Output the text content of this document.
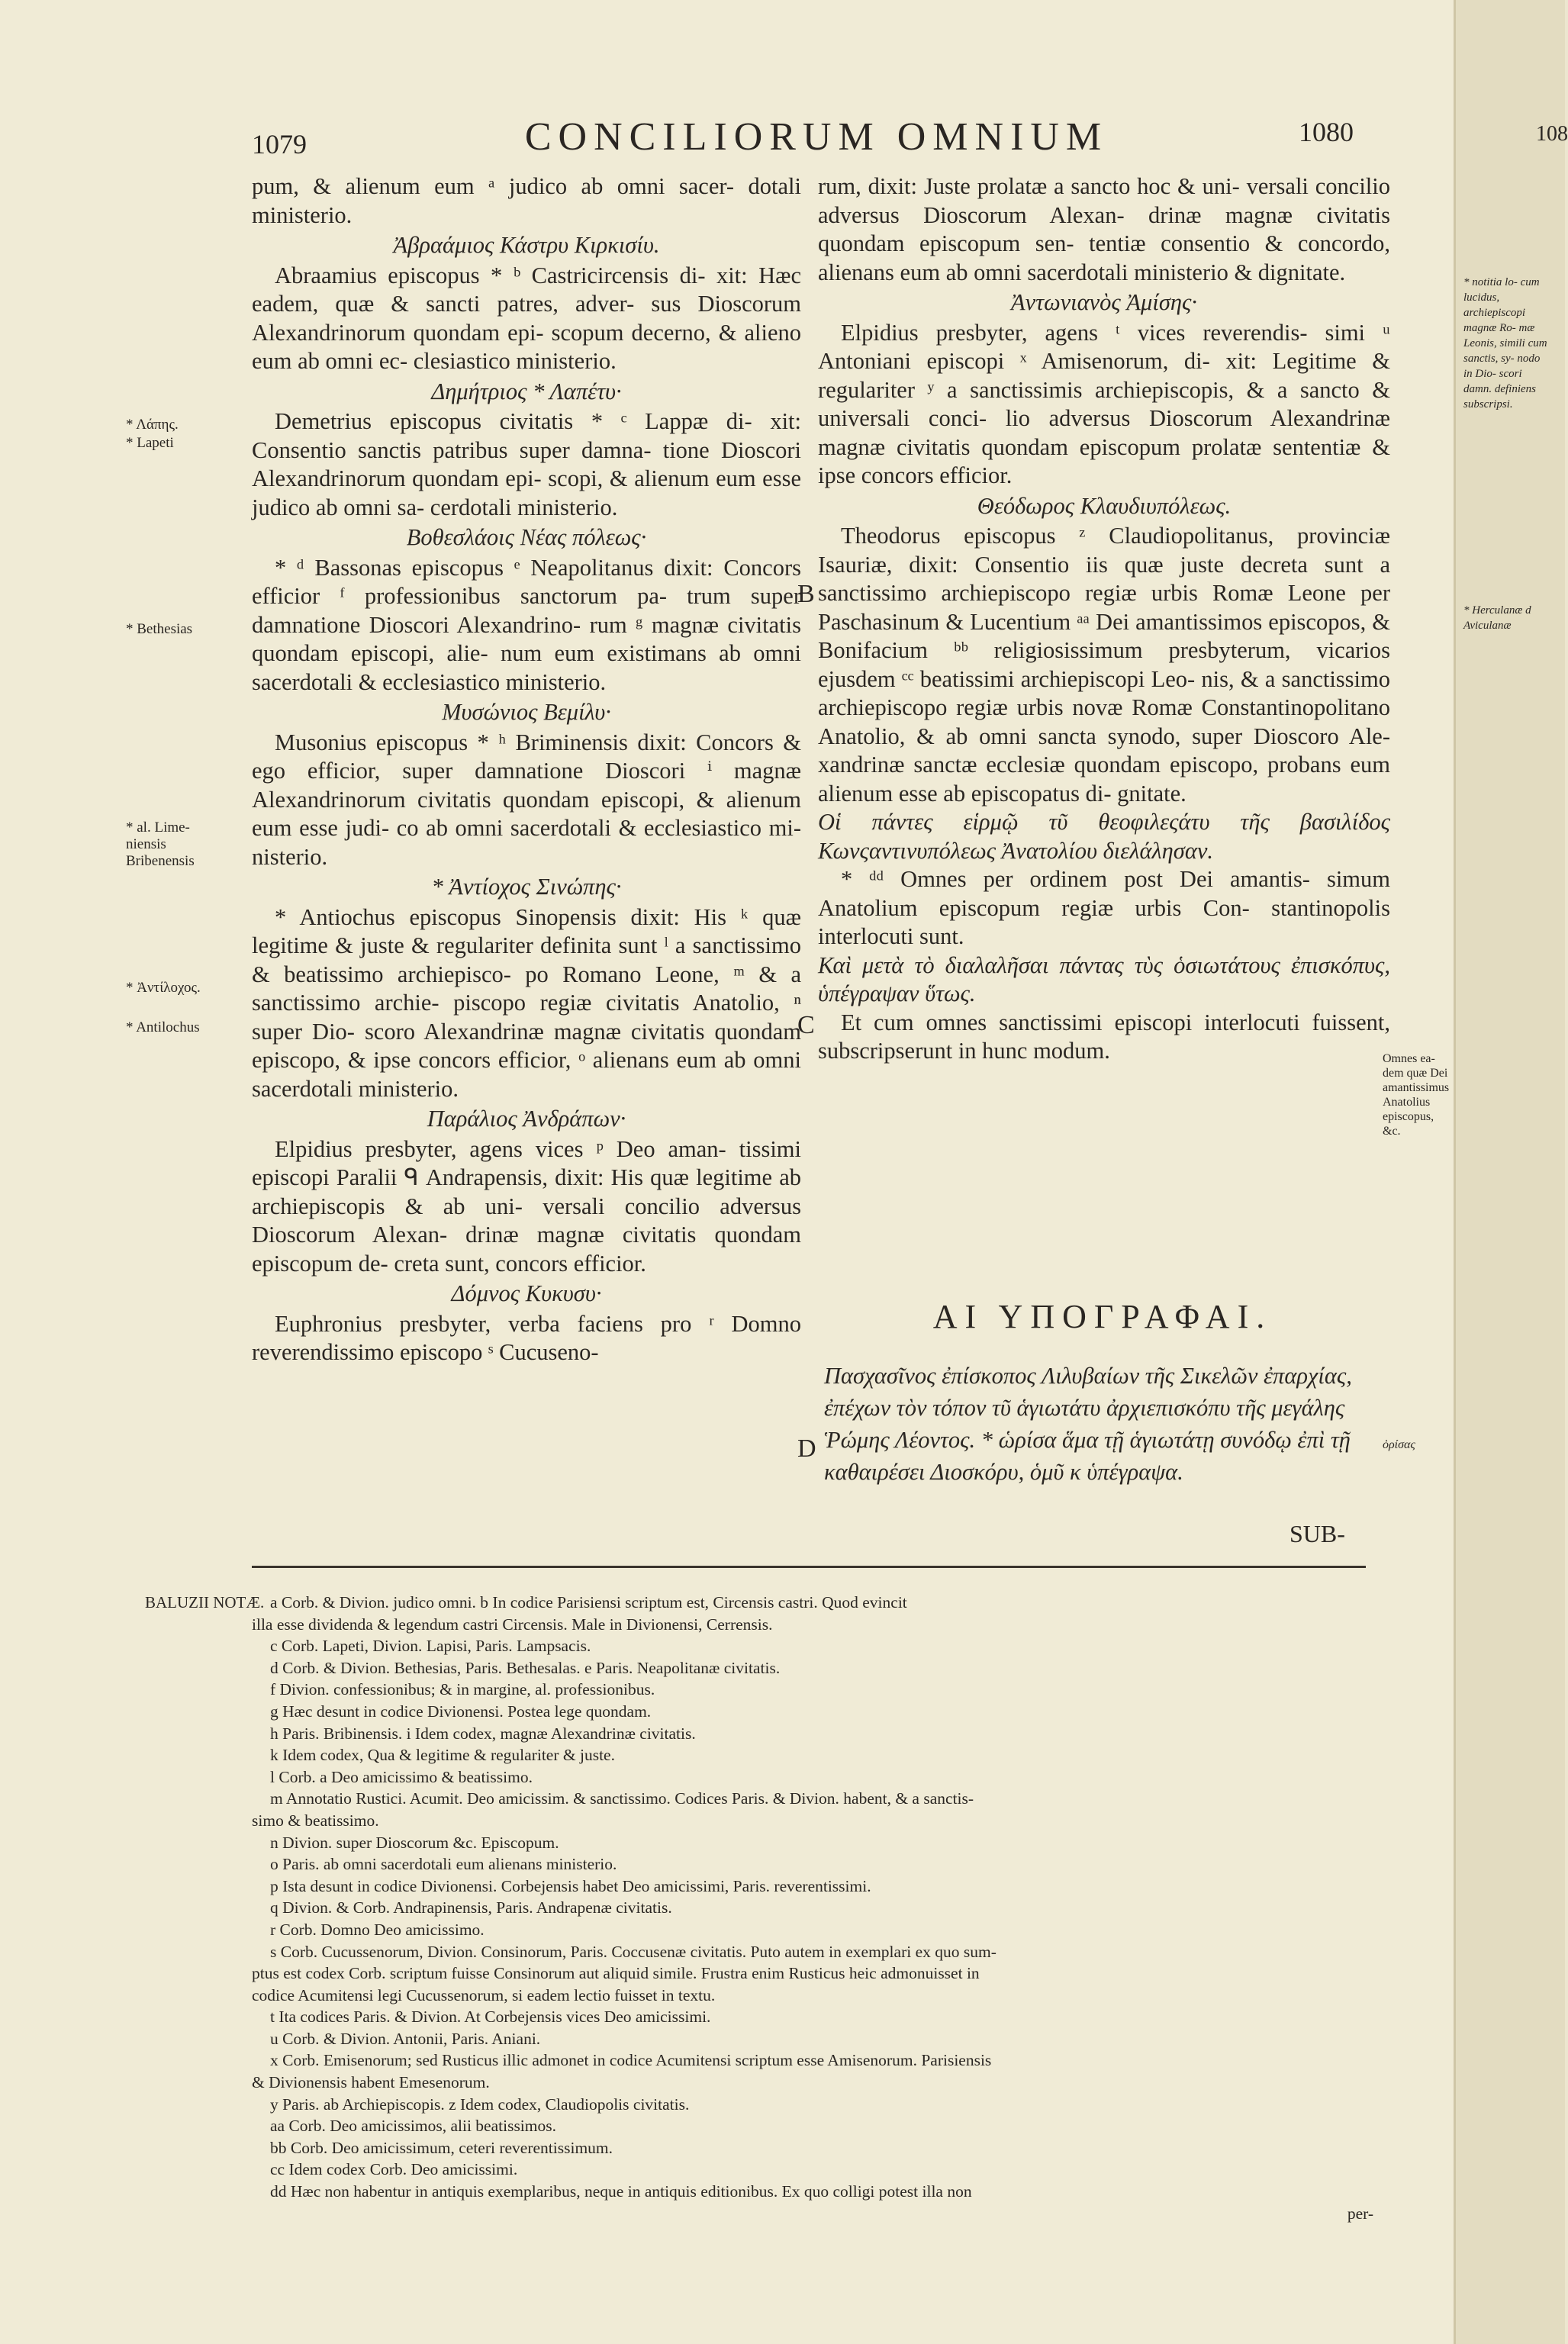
1079	CONCILIORUM OMNIUM	1080

pum, & alienum eum ᵃ judico ab omni sacer- dotali ministerio.

Ἀβραάμιος Κάστρυ Κιρκισίυ.

Abraamius episcopus * ᵇ Castricircensis di- xit: Hæc eadem, quæ & sancti patres, adver- sus Dioscorum Alexandrinorum quondam epi- scopum decerno, & alieno eum ab omni ec- clesiastico ministerio.

Δημήτριος * Λαπέτυ·

Demetrius episcopus civitatis * ᶜ Lappæ di- xit: Consentio sanctis patribus super damna- tione Dioscori Alexandrinorum quondam epi- scopi, & alienum eum esse judico ab omni sa- cerdotali ministerio.

Βοθεσλάοις Νέας πόλεως·

* ᵈ Bassonas episcopus ᵉ Neapolitanus dixit: Concors efficior ᶠ professionibus sanctorum pa- trum super damnatione Dioscori Alexandrino- rum ᵍ magnæ civitatis quondam episcopi, alie- num eum existimans ab omni sacerdotali & ecclesiastico ministerio.

Μυσώνιος Βεμίλυ·

Musonius episcopus * ʰ Briminensis dixit: Concors & ego efficior, super damnatione Dioscori ⁱ magnæ Alexandrinorum civitatis quondam episcopi, & alienum eum esse judi- co ab omni sacerdotali & ecclesiastico mi- nisterio.

* Ἀντίοχος Σινώπης·

* Antiochus episcopus Sinopensis dixit: His ᵏ quæ legitime & juste & regulariter definita sunt ˡ a sanctissimo & beatissimo archiepisco- po Romano Leone, ᵐ & a sanctissimo archie- piscopo regiæ civitatis Anatolio, ⁿ super Dio- scoro Alexandrinæ magnæ civitatis quondam episcopo, & ipse concors efficior, ᵒ alienans eum ab omni sacerdotali ministerio.

Παράλιος Ἀνδράπων·

Elpidius presbyter, agens vices ᵖ Deo aman- tissimi episcopi Paralii ᑫ Andrapensis, dixit: His quæ legitime ab archiepiscopis & ab uni- versali concilio adversus Dioscorum Alexan- drinæ magnæ civitatis quondam episcopum de- creta sunt, concors efficior.

Δόμνος Κυκυσυ·

Euphronius presbyter, verba faciens pro ʳ Domno reverendissimo episcopo ˢ Cucuseno-

rum, dixit: Juste prolatæ a sancto hoc & uni- versali concilio adversus Dioscorum Alexan- drinæ magnæ civitatis quondam episcopum sen- tentiæ consentio & concordo, alienans eum ab omni sacerdotali ministerio & dignitate.

Ἀντωνιανὸς Ἀμίσης·

Elpidius presbyter, agens ᵗ vices reverendis- simi ᵘ Antoniani episcopi ˣ Amisenorum, di- xit: Legitime & regulariter ʸ a sanctissimis archiepiscopis, & a sancto & universali conci- lio adversus Dioscorum Alexandrinæ magnæ civitatis quondam episcopum prolatæ sententiæ & ipse concors efficior.

Θεόδωρος Κλαυδιυπόλεως.

Theodorus episcopus ᶻ Claudiopolitanus, provinciæ Isauriæ, dixit: Consentio iis quæ juste decreta sunt a sanctissimo archiepiscopo regiæ urbis Romæ Leone per Paschasinum & Lucentium ᵃᵃ Dei amantissimos episcopos, & Bonifacium ᵇᵇ religiosissimum presbyterum, vicarios ejusdem ᶜᶜ beatissimi archiepiscopi Leo- nis, & a sanctissimo archiepiscopo regiæ urbis novæ Romæ Constantinopolitano Anatolio, & ab omni sancta synodo, super Dioscoro Ale- xandrinæ sanctæ ecclesiæ quondam episcopo, probans eum alienum esse ab episcopatus di- gnitate.

Οἱ πάντες εἱρμῷ τῦ θεοφιλεςάτυ τῆς βασιλίδος Κωνςαντινυπόλεως Ἀνατολίου διελάλησαν.

* ᵈᵈ Omnes per ordinem post Dei amantis- simum Anatolium episcopum regiæ urbis Con- stantinopolis interlocuti sunt.

Καὶ μετὰ τὸ διαλαλῆσαι πάντας τὺς ὁσιωτάτους ἐπισκόπυς, ὑπέγραψαν ὕτως.

Et cum omnes sanctissimi episcopi interlocuti fuissent, subscripserunt in hunc modum.

ΑΙ ΥΠΟΓΡΑΦΑΙ.
Πασχασῖνος ἐπίσκοπος Λιλυβαίων τῆς Σικελῶν ἐπαρχίας, ἐπέχων τὸν τόπον τῦ ἁγιωτάτυ ἀρχιεπισκόπυ τῆς μεγάλης Ῥώμης Λέοντος. * ὡρίσα ἅμα τῇ ἁγιωτάτῃ συνόδῳ ἐπὶ τῇ καθαιρέσει Διοσκόρυ, ὁμῦ κ ὑπέγραψα.
SUB-
B
C
D
* Λάπης.
* Lapeti
* Bethesias
* al. Lime- niensis Bribenensis
* Ἀντίλοχος.
* Antilochus
Omnes ea- dem quæ Dei amantissimus Anatolius episcopus, &c.
ὁρίσας
BALUZII NOTÆ. a Corb. & Divion. judico omni. b In codice Parisiensi scriptum est, Circensis castri. Quod evincit

illa esse dividenda & legendum castri Circensis. Male in Divionensi, Cerrensis.

c Corb. Lapeti, Divion. Lapisi, Paris. Lampsacis.

d Corb. & Divion. Bethesias, Paris. Bethesalas. e Paris. Neapolitanæ civitatis.

f Divion. confessionibus; & in margine, al. professionibus.

g Hæc desunt in codice Divionensi. Postea lege quondam.

h Paris. Bribinensis. i Idem codex, magnæ Alexandrinæ civitatis.

k Idem codex, Qua & legitime & regulariter & juste.

l Corb. a Deo amicissimo & beatissimo.

m Annotatio Rustici. Acumit. Deo amicissim. & sanctissimo. Codices Paris. & Divion. habent, & a sanctis-

simo & beatissimo.

n Divion. super Dioscorum &c. Episcopum.

o Paris. ab omni sacerdotali eum alienans ministerio.

p Ista desunt in codice Divionensi. Corbejensis habet Deo amicissimi, Paris. reverentissimi.

q Divion. & Corb. Andrapinensis, Paris. Andrapenæ civitatis.

r Corb. Domno Deo amicissimo.

s Corb. Cucussenorum, Divion. Consinorum, Paris. Coccusenæ civitatis. Puto autem in exemplari ex quo sum-

ptus est codex Corb. scriptum fuisse Consinorum aut aliquid simile. Frustra enim Rusticus heic admonuisset in

codice Acumitensi legi Cucussenorum, si eadem lectio fuisset in textu.

t Ita codices Paris. & Divion. At Corbejensis vices Deo amicissimi.

u Corb. & Divion. Antonii, Paris. Aniani.

x Corb. Emisenorum; sed Rusticus illic admonet in codice Acumitensi scriptum esse Amisenorum. Parisiensis

& Divionensis habent Emesenorum.

y Paris. ab Archiepiscopis. z Idem codex, Claudiopolis civitatis.

aa Corb. Deo amicissimos, alii beatissimos.

bb Corb. Deo amicissimum, ceteri reverentissimum.

cc Idem codex Corb. Deo amicissimi.

dd Hæc non habentur in antiquis exemplaribus, neque in antiquis editionibus. Ex quo colligi potest illa non

per-

108
* notitia lo- cum lucidus, archiepiscopi magnæ Ro- mæ Leonis, simili cum sanctis, sy- nodo in Dio- scori damn. definiens subscripsi.
* Herculanæ d Aviculanæ
